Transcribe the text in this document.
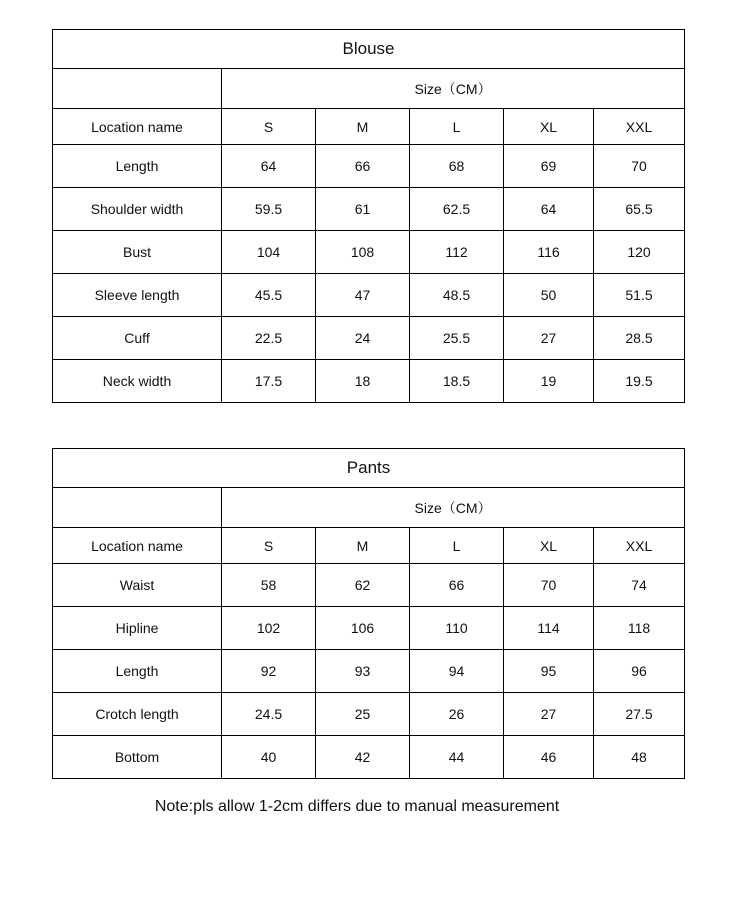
Blouse					
	Size（CM）				
Location name	S	M	L	XL	XXL
Length	64	66	68	69	70
Shoulder width	59.5	61	62.5	64	65.5
Bust	104	108	112	116	120
Sleeve length	45.5	47	48.5	50	51.5
Cuff	22.5	24	25.5	27	28.5
Neck width	17.5	18	18.5	19	19.5
Pants					
	Size（CM）				
Location name	S	M	L	XL	XXL
Waist	58	62	66	70	74
Hipline	102	106	110	114	118
Length	92	93	94	95	96
Crotch length	24.5	25	26	27	27.5
Bottom	40	42	44	46	48
Note:pls allow 1-2cm differs due to manual measurement
